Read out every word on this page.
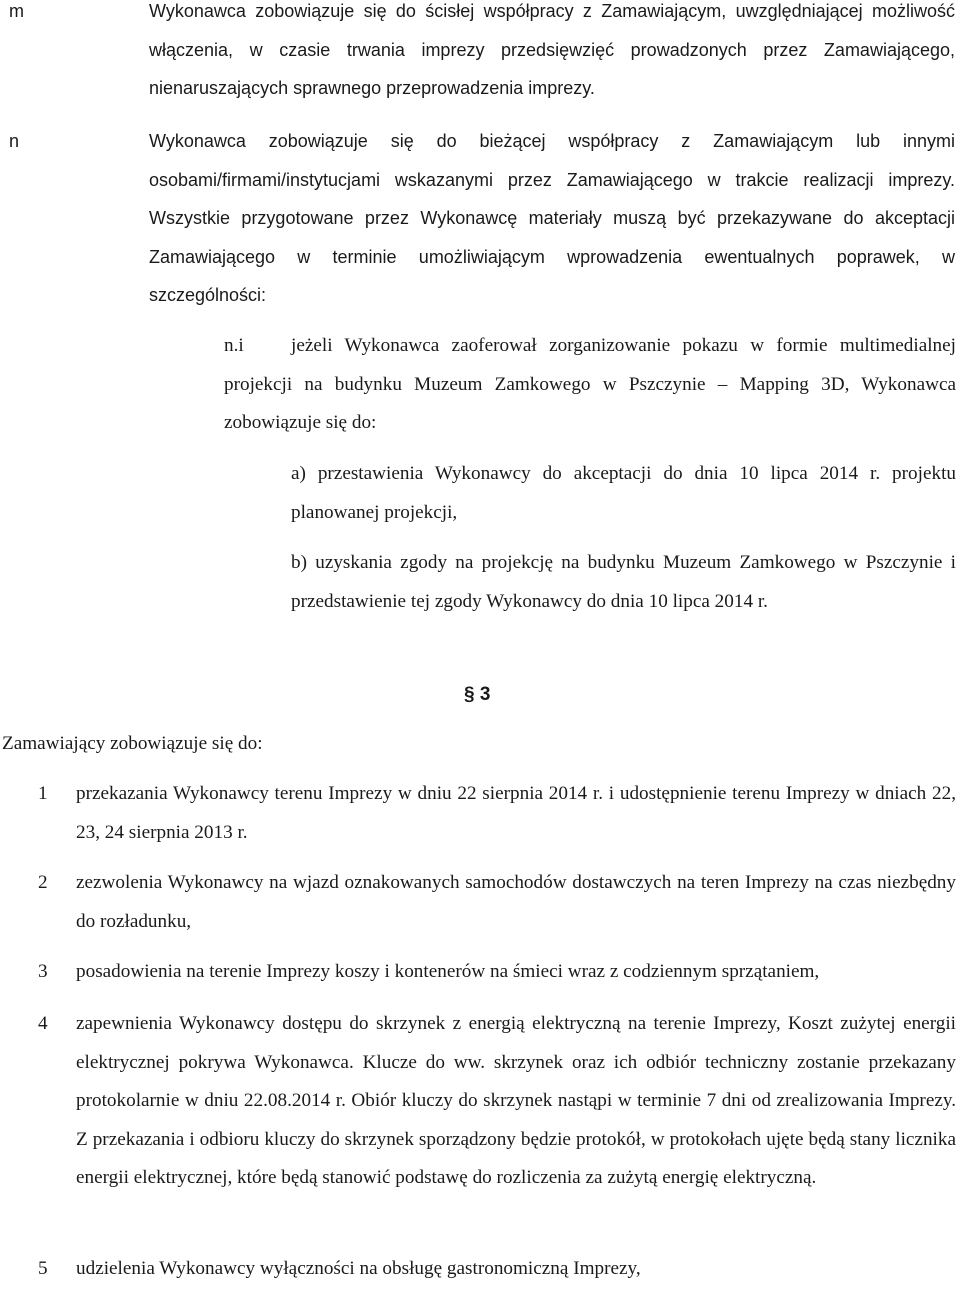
m	Wykonawca zobowiązuje się do ścisłej współpracy z Zamawiającym, uwzględniającej możliwość włączenia, w czasie trwania imprezy przedsięwzięć prowadzonych przez Zamawiającego, nienaruszających sprawnego przeprowadzenia imprezy.
n	Wykonawca zobowiązuje się do bieżącej współpracy z Zamawiającym lub innymi osobami/firmami/instytucjami wskazanymi przez Zamawiającego w trakcie realizacji imprezy. Wszystkie przygotowane przez Wykonawcę materiały muszą być przekazywane do akceptacji Zamawiającego w terminie umożliwiającym wprowadzenia ewentualnych poprawek, w szczególności:
n.i	jeżeli Wykonawca zaoferował zorganizowanie pokazu w formie multimedialnej projekcji na budynku Muzeum Zamkowego w Pszczynie – Mapping 3D, Wykonawca zobowiązuje się do:
a) przestawienia Wykonawcy do akceptacji do dnia 10 lipca 2014 r. projektu planowanej projekcji,
b) uzyskania zgody na projekcję na budynku Muzeum Zamkowego w Pszczynie i przedstawienie tej zgody Wykonawcy do dnia 10 lipca 2014 r.
§ 3
Zamawiający zobowiązuje się do:
1 przekazania Wykonawcy terenu Imprezy w dniu 22 sierpnia 2014 r. i udostępnienie terenu Imprezy w dniach 22, 23, 24 sierpnia 2013 r.
2 zezwolenia Wykonawcy na wjazd oznakowanych samochodów dostawczych na teren Imprezy na czas niezbędny do rozładunku,
3 posadowienia na terenie Imprezy koszy i kontenerów na śmieci wraz z codziennym sprzątaniem,
4 zapewnienia Wykonawcy dostępu do skrzynek z energią elektryczną na terenie Imprezy, Koszt zużytej energii elektrycznej pokrywa Wykonawca. Klucze do ww. skrzynek oraz ich odbiór techniczny zostanie przekazany protokolarnie w dniu 22.08.2014 r. Obiór kluczy do skrzynek nastąpi w terminie 7 dni od zrealizowania Imprezy. Z przekazania i odbioru kluczy do skrzynek sporządzony będzie protokół, w protokołach ujęte będą stany licznika energii elektrycznej, które będą stanowić podstawę do rozliczenia za zużytą energię elektryczną.
5 udzielenia Wykonawcy wyłączności na obsługę gastronomiczną Imprezy,
